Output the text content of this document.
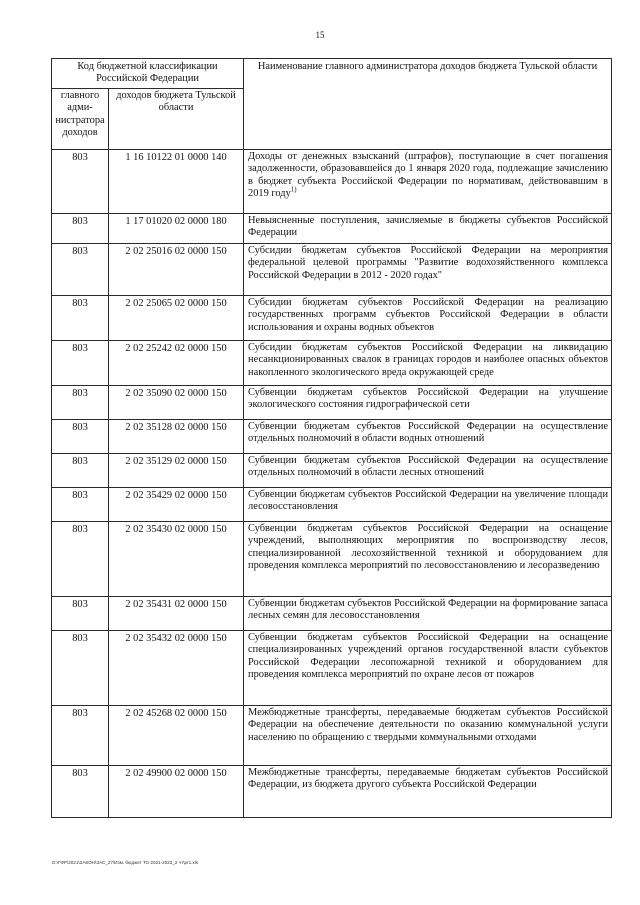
15
Код бюджетной классификации Российской Федерации		Наименование главного администратора доходов бюджета Тульской области
главного адми-нистратора доходов	доходов бюджета Тульской области	
803	1 16 10122 01 0000 140	Доходы от денежных взысканий (штрафов), поступающие в счет погашения задолженности, образовавшейся до 1 января 2020 года, подлежащие зачислению в бюджет субъекта Российской Федерации по нормативам, действовавшим в 2019 году$^{1)}$
803	1 17 01020 02 0000 180	Невыясненные поступления, зачисляемые в бюджеты субъектов Российской Федерации
803	2 02 25016 02 0000 150	Субсидии бюджетам субъектов Российской Федерации на мероприятия федеральной целевой программы "Развитие водохозяйственного комплекса Российской Федерации в 2012 - 2020 годах"
803	2 02 25065 02 0000 150	Субсидии бюджетам субъектов Российской Федерации на реализацию государственных программ субъектов Российской Федерации в области использования и охраны водных объектов
803	2 02 25242 02 0000 150	Субсидии бюджетам субъектов Российской Федерации на ликвидацию несанкционированных свалок в границах городов и наиболее опасных объектов накопленного экологического вреда окружающей среде
803	2 02 35090 02 0000 150	Субвенции бюджетам субъектов Российской Федерации на улучшение экологического состояния гидрографической сети
803	2 02 35128 02 0000 150	Субвенции бюджетам субъектов Российской Федерации на осуществление отдельных полномочий в области водных отношений
803	2 02 35129 02 0000 150	Субвенции бюджетам субъектов Российской Федерации на осуществление отдельных полномочий в области лесных отношений
803	2 02 35429 02 0000 150	Субвенции бюджетам субъектов Российской Федерации на увеличение площади лесовосстановления
803	2 02 35430 02 0000 150	Субвенции бюджетам субъектов Российской Федерации на оснащение учреждений, выполняющих мероприятия по воспроизводству лесов, специализированной лесохозяйственной техникой и оборудованием для проведения комплекса мероприятий по лесовосстановлению и лесоразведению
803	2 02 35431 02 0000 150	Субвенции бюджетам субъектов Российской Федерации на формирование запаса лесных семян для лесовосстановления
803	2 02 35432 02 0000 150	Субвенции бюджетам субъектов Российской Федерации на оснащение специализированных учреждений органов государственной власти субъектов Российской Федерации лесопожарной техникой и оборудованием для проведения комплекса мероприятий по охране лесов от пожаров
803	2 02 45268 02 0000 150	Межбюджетные трансферты, передаваемые бюджетам субъектов Российской Федерации на обеспечение деятельности по оказанию коммунальной услуги населению по обращению с твердыми коммунальными отходами
803	2 02 49900 02 0000 150	Межбюджетные трансферты, передаваемые бюджетам субъектов Российской Федерации, из бюджета другого субъекта Российской Федерации
D:\ГФР\2021\ЗАКОН\ЗАС_27\Изм. бюджет ТО 2021-2023_2 чт\pr1.xls
